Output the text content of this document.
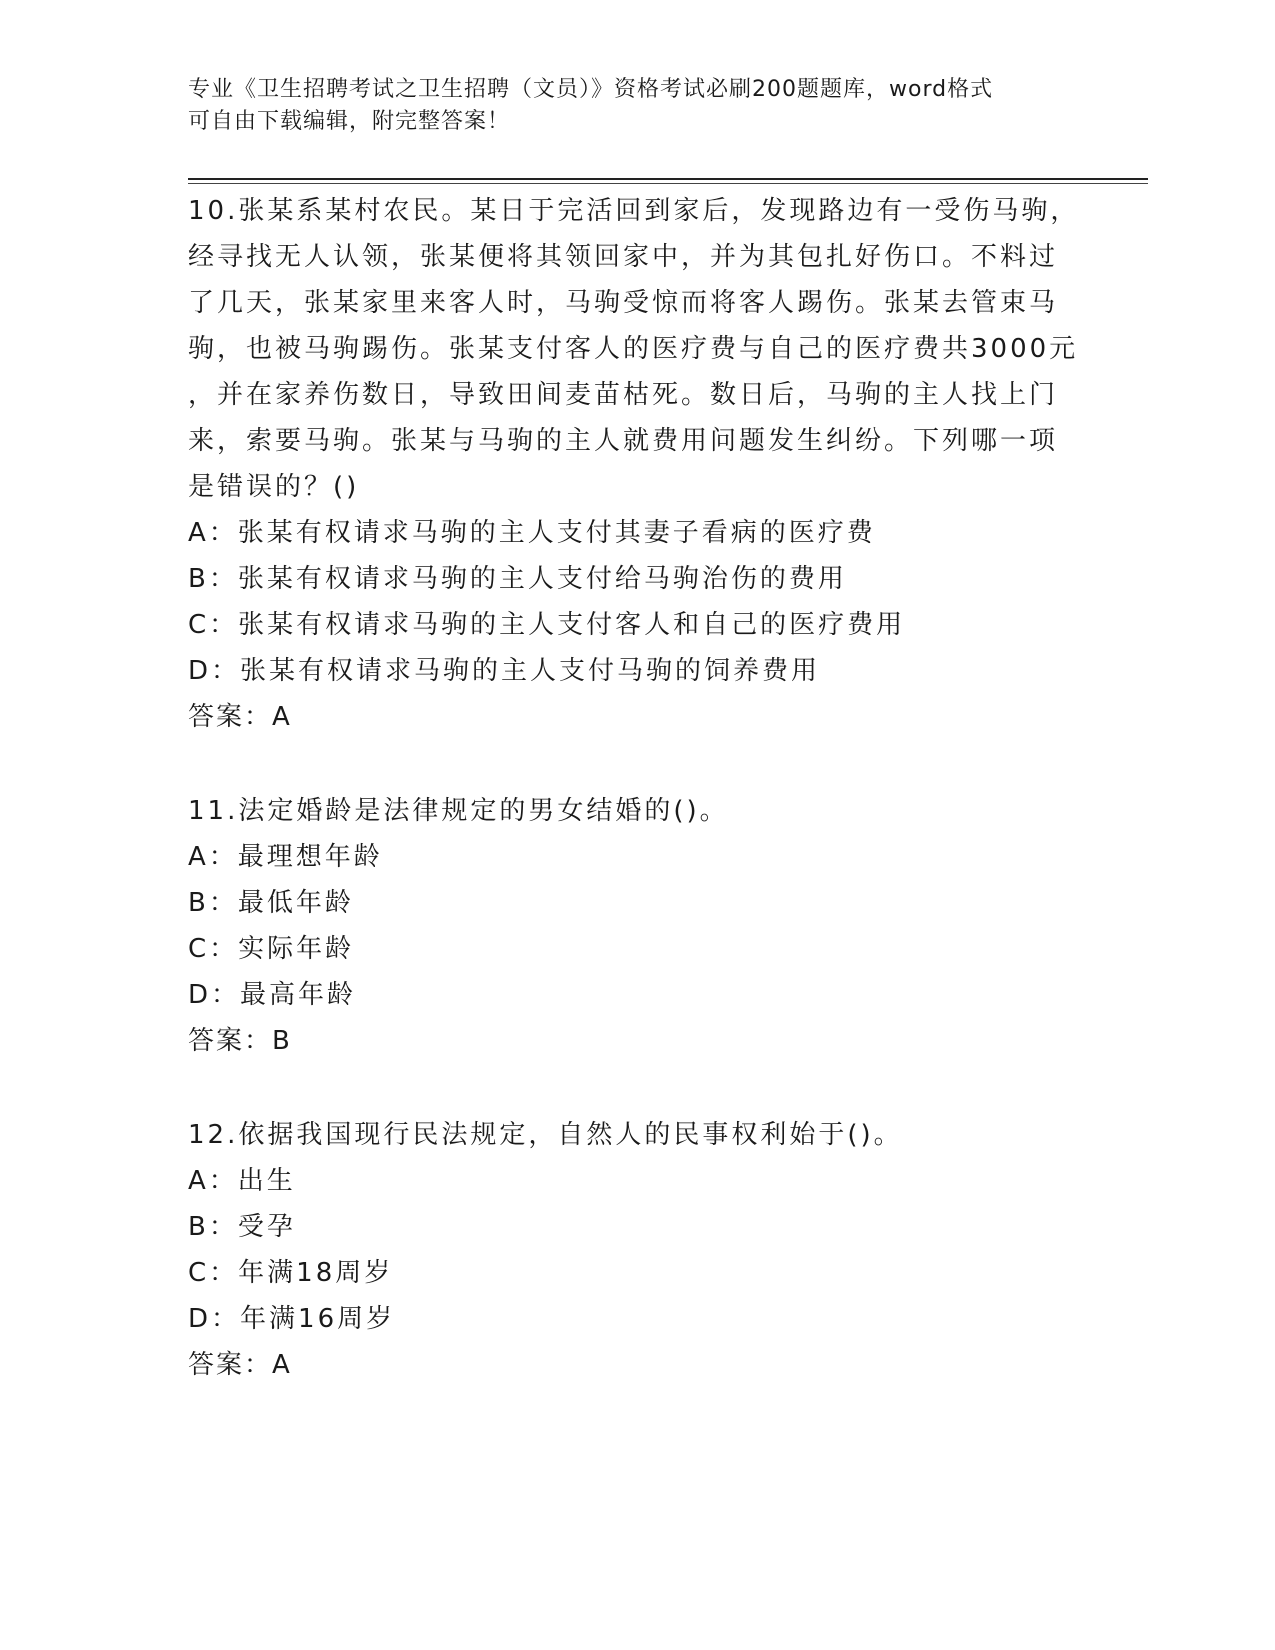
专业《卫生招聘考试之卫生招聘（文员）》资格考试必刷200题题库，word格式
可自由下载编辑，附完整答案！
10.张某系某村农民。某日于完活回到家后，发现路边有一受伤马驹，
经寻找无人认领，张某便将其领回家中，并为其包扎好伤口。不料过
了几天，张某家里来客人时，马驹受惊而将客人踢伤。张某去管束马
驹，也被马驹踢伤。张某支付客人的医疗费与自己的医疗费共3000元
，并在家养伤数日，导致田间麦苗枯死。数日后，马驹的主人找上门
来，索要马驹。张某与马驹的主人就费用问题发生纠纷。下列哪一项
是错误的？()
A：张某有权请求马驹的主人支付其妻子看病的医疗费
B：张某有权请求马驹的主人支付给马驹治伤的费用
C：张某有权请求马驹的主人支付客人和自己的医疗费用
D：张某有权请求马驹的主人支付马驹的饲养费用
答案：A
11.法定婚龄是法律规定的男女结婚的()。
A：最理想年龄
B：最低年龄
C：实际年龄
D：最高年龄
答案：B
12.依据我国现行民法规定，自然人的民事权利始于()。
A：出生
B：受孕
C：年满18周岁
D：年满16周岁
答案：A
